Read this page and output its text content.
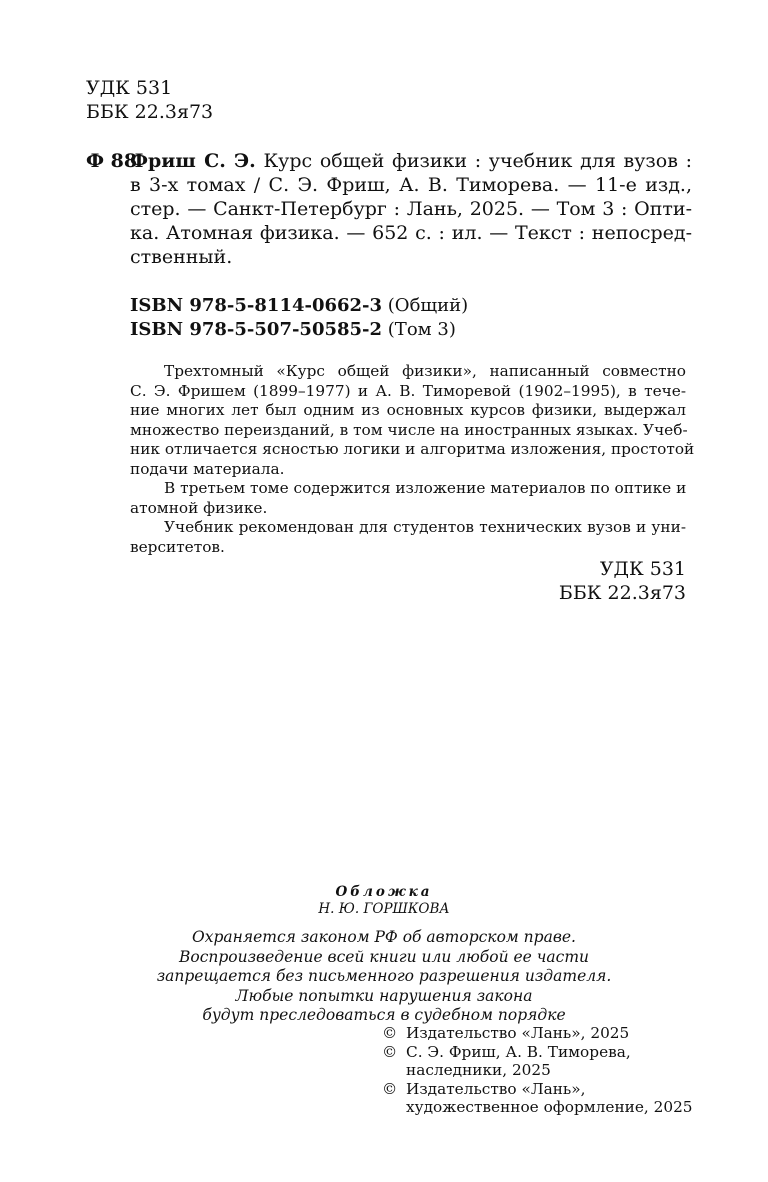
УДК 531
ББК 22.3я73
Ф 88
Фриш С. Э. Курс общей физики : учебник для вузов :
в 3-х томах / С. Э. Фриш, А. В. Тиморева. — 11-е изд.,
стер. — Санкт-Петербург : Лань, 2025. — Том 3 : Опти-
ка. Атомная физика. — 652 с. : ил. — Текст : непосред-
ственный.
ISBN 978-5-8114-0662-3 (Общий)
ISBN 978-5-507-50585-2 (Том 3)
Трехтомный «Курс общей физики», написанный совместно
С. Э. Фришем (1899–1977) и А. В. Тиморевой (1902–1995), в тече-
ние многих лет был одним из основных курсов физики, выдержал
множество переизданий, в том числе на иностранных языках. Учеб-
ник отличается ясностью логики и алгоритма изложения, простотой
подачи материала.
В третьем томе содержится изложение материалов по оптике и
атомной физике.
Учебник рекомендован для студентов технических вузов и уни-
верситетов.
УДК 531
ББК 22.3я73
Обложка
Н. Ю. ГОРШКОВА
Охраняется законом РФ об авторском праве.
Воспроизведение всей книги или любой ее части
запрещается без письменного разрешения издателя.
Любые попытки нарушения закона
будут преследоваться в судебном порядке
© Издательство «Лань», 2025
© С. Э. Фриш, А. В. Тиморева,
наследники, 2025
© Издательство «Лань»,
художественное оформление, 2025
